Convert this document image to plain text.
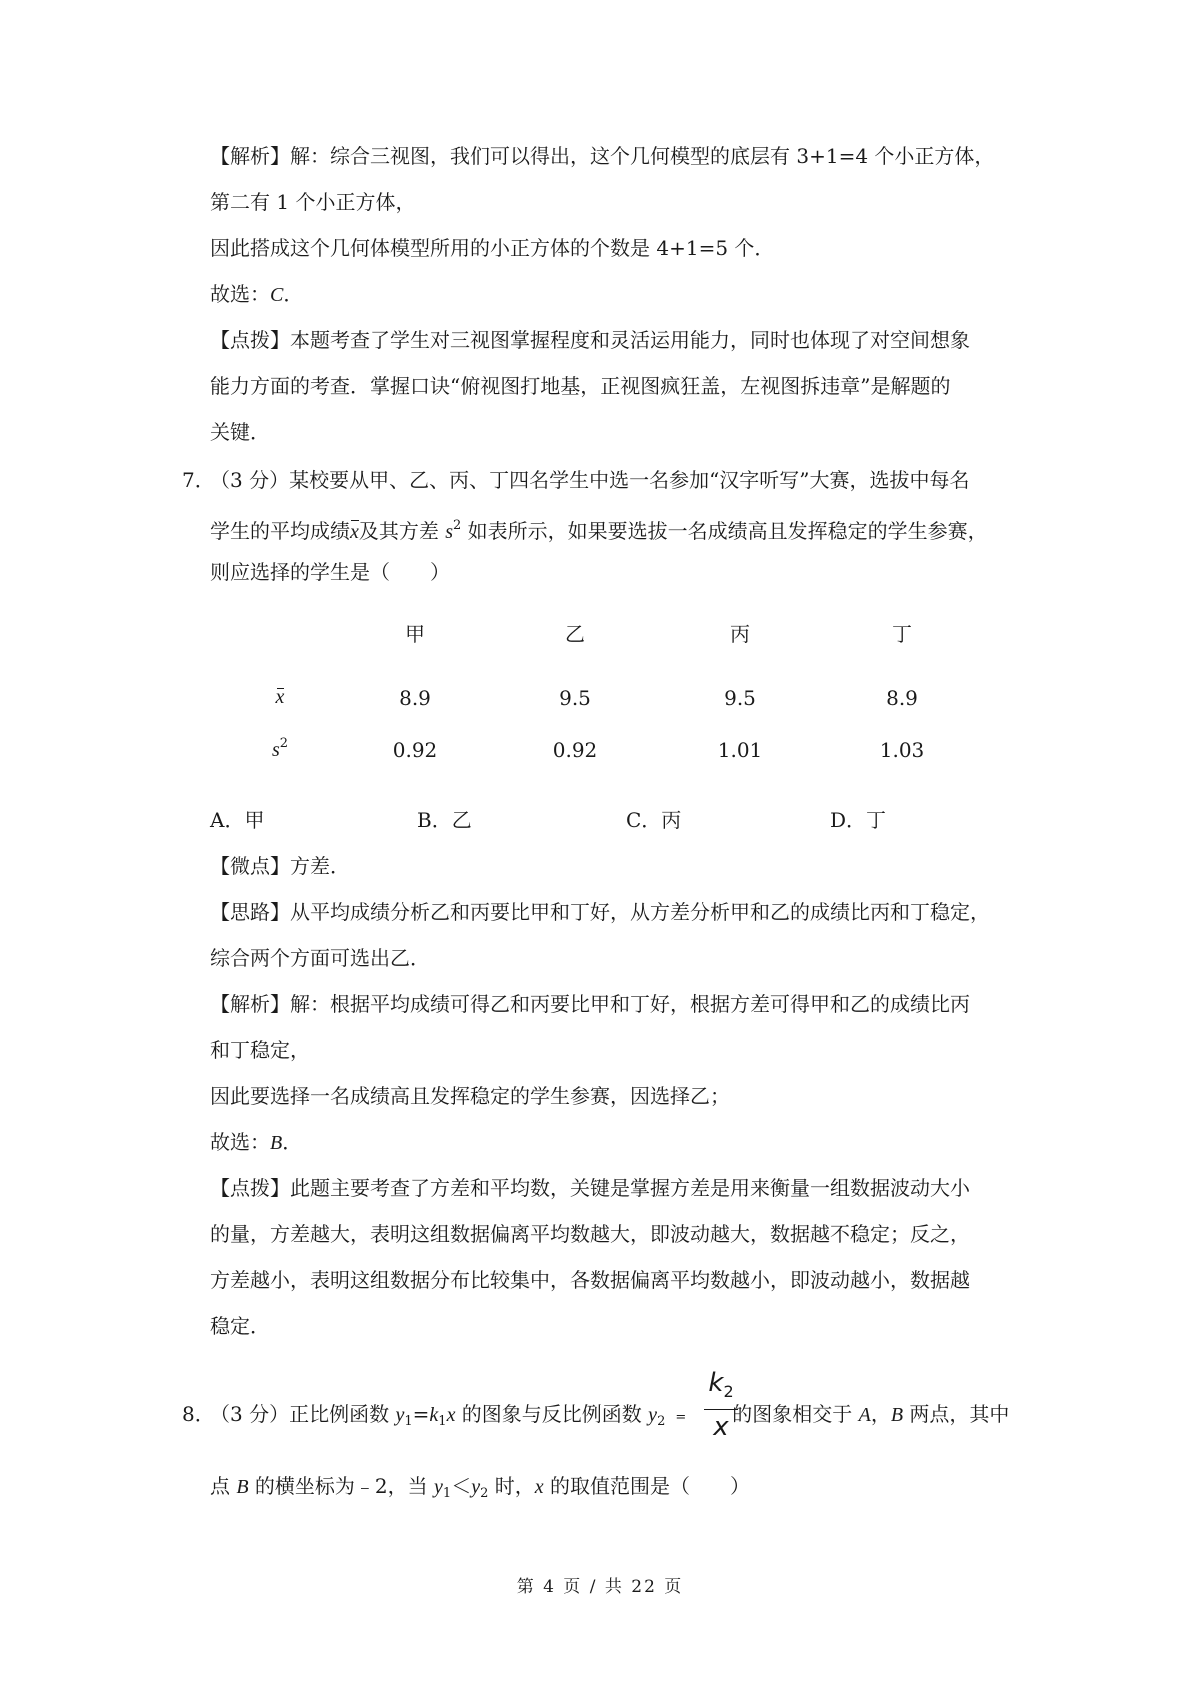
【解析】解：综合三视图，我们可以得出，这个几何模型的底层有 3+1=4 个小正方体，
第二有 1 个小正方体，
因此搭成这个几何体模型所用的小正方体的个数是 4+1=5 个．
故选：C．
【点拨】本题考查了学生对三视图掌握程度和灵活运用能力，同时也体现了对空间想象
能力方面的考查．掌握口诀“俯视图打地基，正视图疯狂盖，左视图拆违章”是解题的
关键．
7．
（3 分）某校要从甲、乙、丙、丁四名学生中选一名参加“汉字听写”大赛，选拔中每名
学生的平均成绩x及其方差 $s^2$ 如表所示，如果要选拔一名成绩高且发挥稳定的学生参赛，
则应选择的学生是（　　）
甲	乙	丙	丁
x	8.9	9.5	9.5	8.9
$s^2$	0.92	0.92	1.01	1.03
A．甲	B．乙	C．丙	D．丁
【微点】方差．
【思路】从平均成绩分析乙和丙要比甲和丁好，从方差分析甲和乙的成绩比丙和丁稳定，
综合两个方面可选出乙．
【解析】解：根据平均成绩可得乙和丙要比甲和丁好，根据方差可得甲和乙的成绩比丙
和丁稳定，
因此要选择一名成绩高且发挥稳定的学生参赛，因选择乙；
故选：B．
【点拨】此题主要考查了方差和平均数，关键是掌握方差是用来衡量一组数据波动大小
的量，方差越大，表明这组数据偏离平均数越大，即波动越大，数据越不稳定；反之，
方差越小，表明这组数据分布比较集中，各数据偏离平均数越小，即波动越小，数据越
稳定．
8．
（3 分）正比例函数 $y_1=k_1x$ 的图象与反比例函数 $y_2$ = 的图象相交于 A，B 两点，其中
$k_2$
x
点 B 的横坐标为﹣2，当 $y_1<y_2$ 时，x 的取值范围是（　　）
第 4 页 / 共 22 页
